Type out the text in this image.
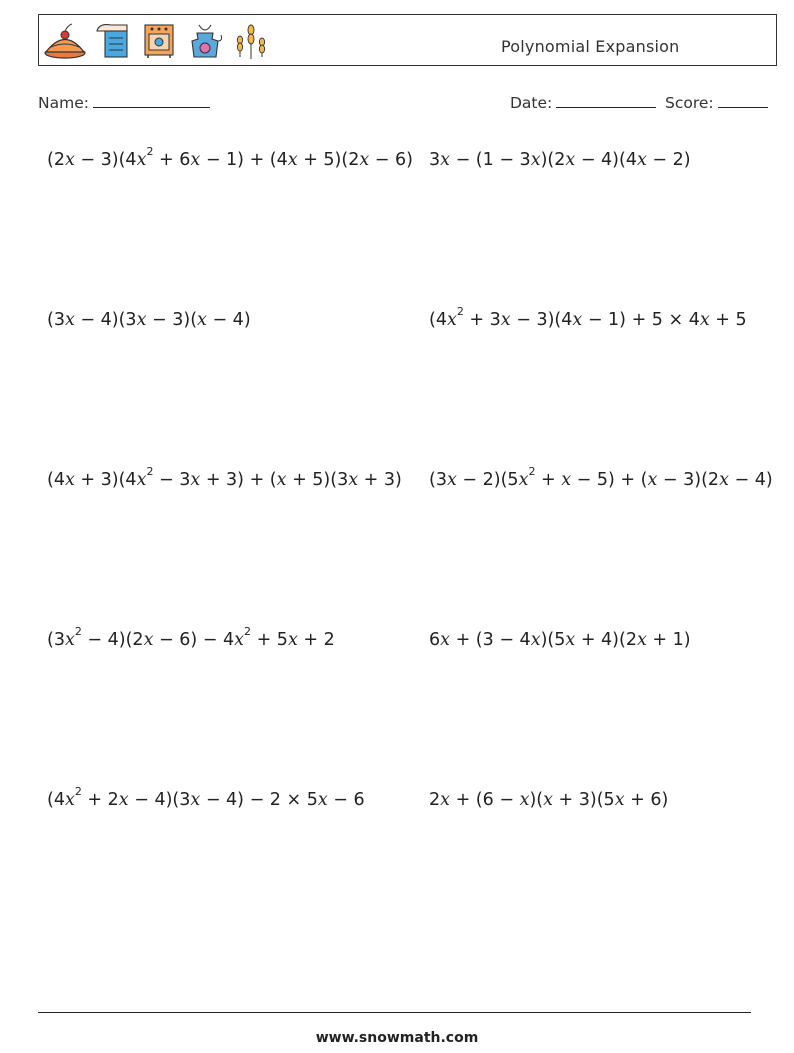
Polynomial Expansion
Name:	Date:	Score:
$(2x - 3)(4x^2 + 6x - 1) + (4x + 5)(2x - 6)$ 3x − (1 − 3x)(2x − 4)(4x − 2)
(3x − 4)(3x − 3)(x − 4)	$(4x^2 + 3x - 3)(4x - 1) + 5 \times 4x + 5$
$(4x + 3)(4x^2 - 3x + 3) + (x + 5)(3x + 3)$ $(3x - 2)(5x^2 + x - 5) + (x - 3)(2x - 4)$
$(3x^2 - 4)(2x - 6) - 4x^2 + 5x + 2$	6x + (3 − 4x)(5x + 4)(2x + 1)
$(4x^2 + 2x - 4)(3x - 4) - 2 \times 5x - 6$	2x + (6 − x)(x + 3)(5x + 6)
www.snowmath.com
